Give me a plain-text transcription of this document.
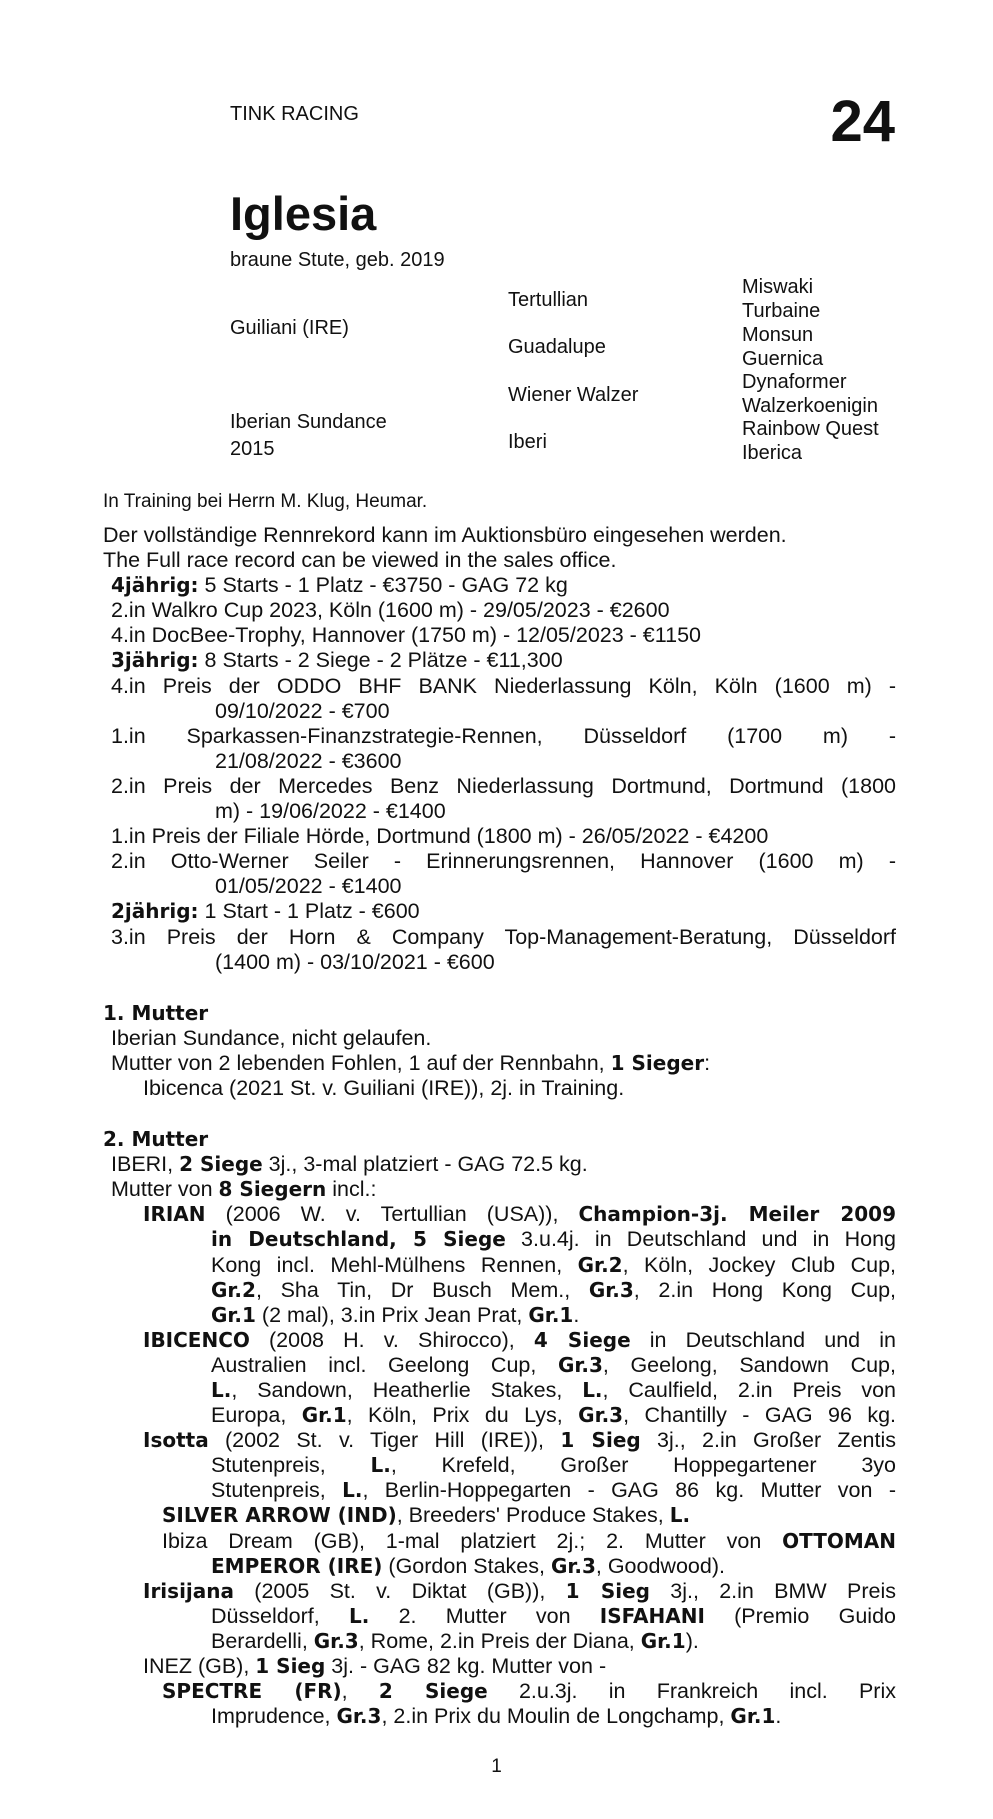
TINK RACING	24
Iglesia
braune Stute, geb. 2019
Guiliani (IRE)
Iberian Sundance
2015
Tertullian
Guadalupe
Wiener Walzer
Iberi
Miswaki
Turbaine
Monsun
Guernica
Dynaformer
Walzerkoenigin
Rainbow Quest
Iberica
In Training bei Herrn M. Klug, Heumar.
Der vollständige Rennrekord kann im Auktionsbüro eingesehen werden.
The Full race record can be viewed in the sales office.
4jährig: 5 Starts - 1 Platz - €3750 - GAG 72 kg
2.in Walkro Cup 2023, Köln (1600 m) - 29/05/2023 - €2600
4.in DocBee-Trophy, Hannover (1750 m) - 12/05/2023 - €1150
3jährig: 8 Starts - 2 Siege - 2 Plätze - €11,300
4.in Preis der ODDO BHF BANK Niederlassung Köln, Köln (1600 m) -
09/10/2022 - €700
1.in Sparkassen-Finanzstrategie-Rennen, Düsseldorf (1700 m) -
21/08/2022 - €3600
2.in Preis der Mercedes Benz Niederlassung Dortmund, Dortmund (1800
m) - 19/06/2022 - €1400
1.in Preis der Filiale Hörde, Dortmund (1800 m) - 26/05/2022 - €4200
2.in Otto-Werner Seiler - Erinnerungsrennen, Hannover (1600 m) -
01/05/2022 - €1400
2jährig: 1 Start - 1 Platz - €600
3.in Preis der Horn & Company Top-Management-Beratung, Düsseldorf
(1400 m) - 03/10/2021 - €600
1. Mutter
Iberian Sundance, nicht gelaufen.
Mutter von 2 lebenden Fohlen, 1 auf der Rennbahn, 1 Sieger:
Ibicenca (2021 St. v. Guiliani (IRE)), 2j. in Training.
2. Mutter
IBERI, 2 Siege 3j., 3-mal platziert - GAG 72.5 kg.
Mutter von 8 Siegern incl.:
IRIAN (2006 W. v. Tertullian (USA)), Champion-3j. Meiler 2009
in Deutschland, 5 Siege 3.u.4j. in Deutschland und in Hong
Kong incl. Mehl-Mülhens Rennen, Gr.2, Köln, Jockey Club Cup,
Gr.2, Sha Tin, Dr Busch Mem., Gr.3, 2.in Hong Kong Cup,
Gr.1 (2 mal), 3.in Prix Jean Prat, Gr.1.
IBICENCO (2008 H. v. Shirocco), 4 Siege in Deutschland und in
Australien incl. Geelong Cup, Gr.3, Geelong, Sandown Cup,
L., Sandown, Heatherlie Stakes, L., Caulfield, 2.in Preis von
Europa, Gr.1, Köln, Prix du Lys, Gr.3, Chantilly - GAG 96 kg.
Isotta (2002 St. v. Tiger Hill (IRE)), 1 Sieg 3j., 2.in Großer Zentis
Stutenpreis, L., Krefeld, Großer Hoppegartener 3yo
Stutenpreis, L., Berlin-Hoppegarten - GAG 86 kg. Mutter von -
SILVER ARROW (IND), Breeders' Produce Stakes, L.
Ibiza Dream (GB), 1-mal platziert 2j.; 2. Mutter von OTTOMAN
EMPEROR (IRE) (Gordon Stakes, Gr.3, Goodwood).
Irisijana (2005 St. v. Diktat (GB)), 1 Sieg 3j., 2.in BMW Preis
Düsseldorf, L. 2. Mutter von ISFAHANI (Premio Guido
Berardelli, Gr.3, Rome, 2.in Preis der Diana, Gr.1).
INEZ (GB), 1 Sieg 3j. - GAG 82 kg. Mutter von -
SPECTRE (FR), 2 Siege 2.u.3j. in Frankreich incl. Prix
Imprudence, Gr.3, 2.in Prix du Moulin de Longchamp, Gr.1.
1
